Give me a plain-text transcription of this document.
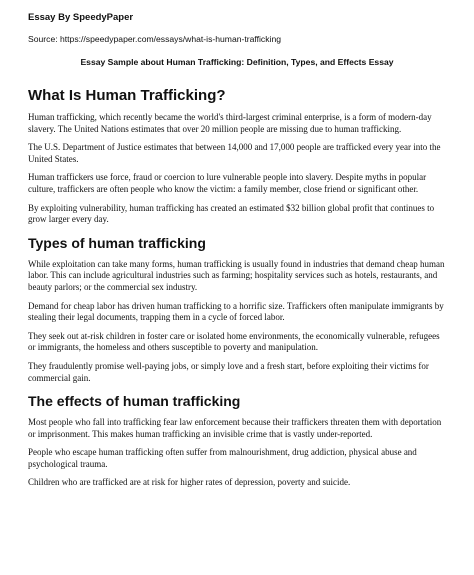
Essay By SpeedyPaper
Source: https://speedypaper.com/essays/what-is-human-trafficking
Essay Sample about Human Trafficking: Definition, Types, and Effects Essay
What Is Human Trafficking?

Human trafficking, which recently became the world's third-largest criminal enterprise, is a form of modern-day slavery. The United Nations estimates that over 20 million people are missing due to human trafficking.

The U.S. Department of Justice estimates that between 14,000 and 17,000 people are trafficked every year into the United States.

Human traffickers use force, fraud or coercion to lure vulnerable people into slavery. Despite myths in popular culture, traffickers are often people who know the victim: a family member, close friend or significant other.

By exploiting vulnerability, human trafficking has created an estimated $32 billion global profit that continues to grow larger every day.

Types of human trafficking

While exploitation can take many forms, human trafficking is usually found in industries that demand cheap human labor. This can include agricultural industries such as farming; hospitality services such as hotels, restaurants, and beauty parlors; or the commercial sex industry.

Demand for cheap labor has driven human trafficking to a horrific size. Traffickers often manipulate immigrants by stealing their legal documents, trapping them in a cycle of forced labor.

They seek out at-risk children in foster care or isolated home environments, the economically vulnerable, refugees or immigrants, the homeless and others susceptible to poverty and manipulation.

They fraudulently promise well-paying jobs, or simply love and a fresh start, before exploiting their victims for commercial gain.

The effects of human trafficking

Most people who fall into trafficking fear law enforcement because their traffickers threaten them with deportation or imprisonment. This makes human trafficking an invisible crime that is vastly under-reported.

People who escape human trafficking often suffer from malnourishment, drug addiction, physical abuse and psychological trauma.

Children who are trafficked are at risk for higher rates of depression, poverty and suicide.
